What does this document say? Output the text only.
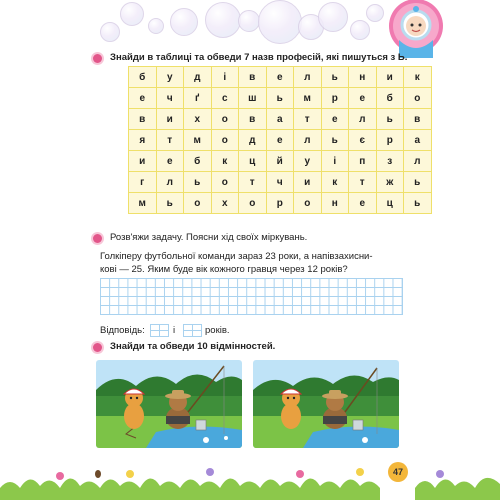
Знайди в таблиці та обведи 7 назв професій, які пишуться з Ь.
б	у	д	і	в	е	л	ь	н	и	к
е	ч	ґ	с	ш	ь	м	р	е	б	о
в	и	х	о	в	а	т	е	л	ь	в
я	т	м	о	д	е	л	ь	є	р	а
и	е	б	к	ц	й	у	і	п	з	л
г	л	ь	о	т	ч	и	к	т	ж	ь
м	ь	о	х	о	р	о	н	е	ц	ь
Розв'яжи задачу. Поясни хід своїх міркувань.
Голкіперу футбольної команди зараз 23 роки, а напівзахисни-
кові — 25. Яким буде вік кожного гравця через 12 років?
Відповідь:	і	років.
Знайди та обведи 10 відмінностей.
47
